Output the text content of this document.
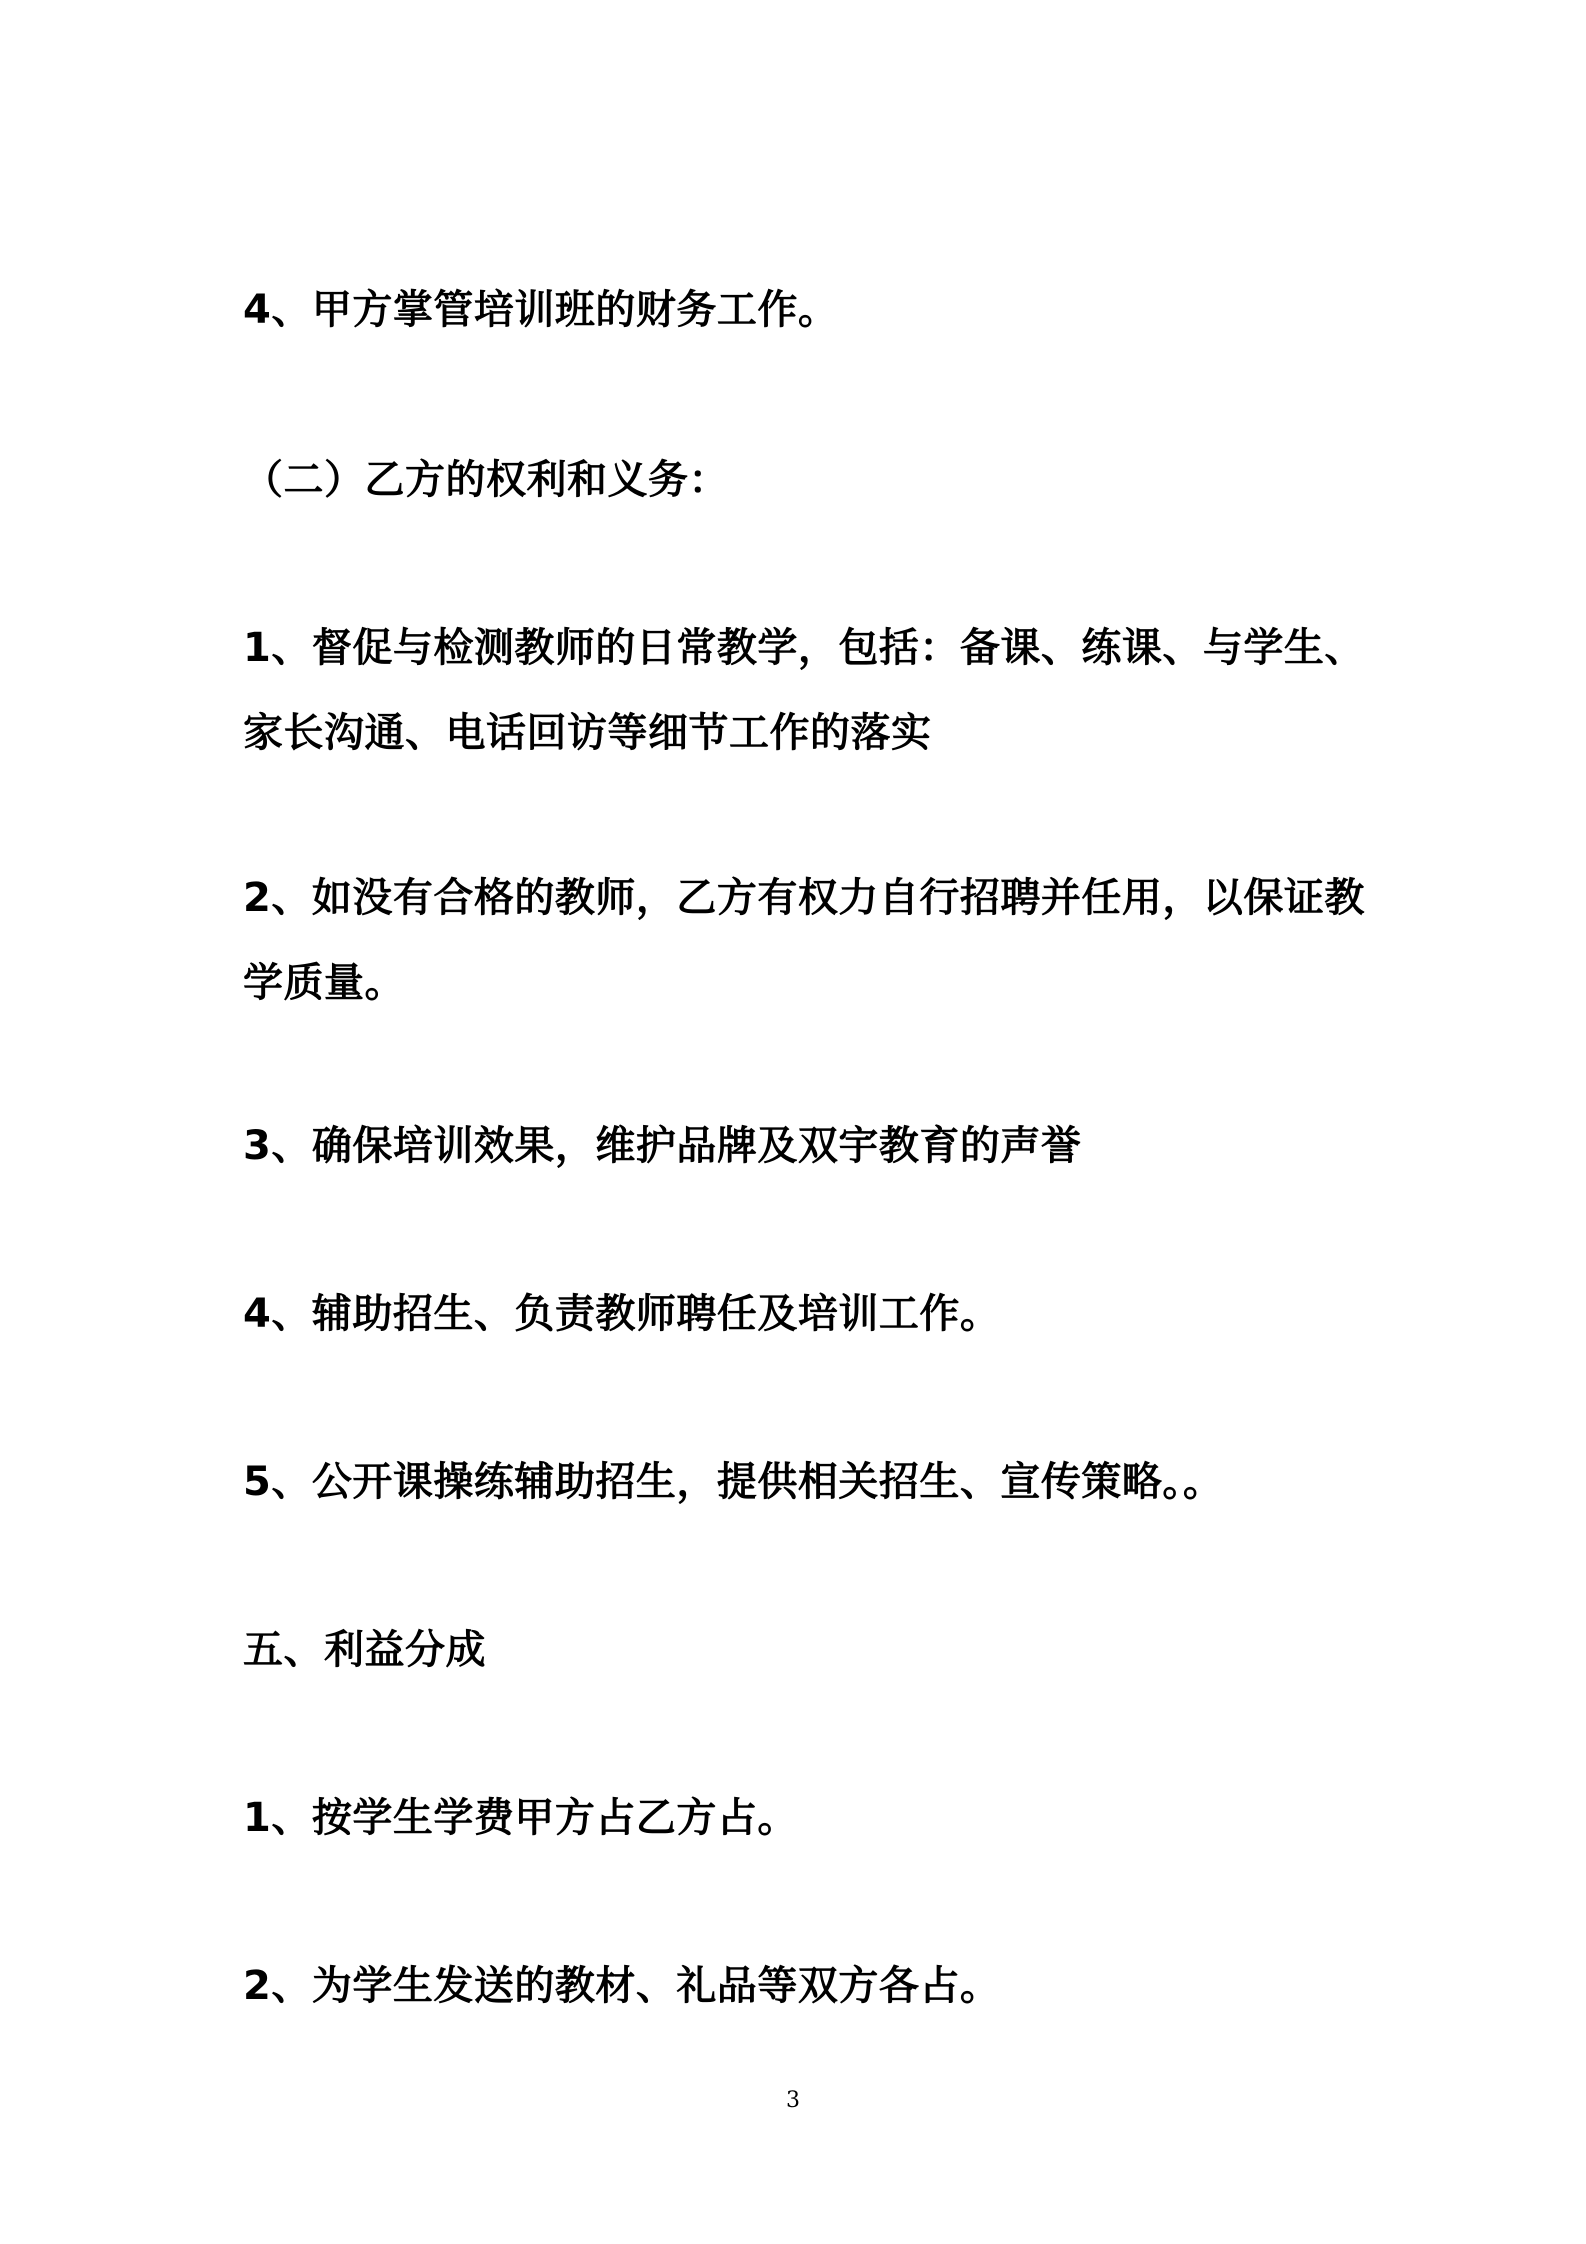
4、甲方掌管培训班的财务工作。

（二）乙方的权利和义务：

1、督促与检测教师的日常教学，包括：备课、练课、与学生、家长沟通、电话回访等细节工作的落实

2、如没有合格的教师，乙方有权力自行招聘并任用，以保证教学质量。

3、确保培训效果，维护品牌及双宇教育的声誉

4、辅助招生、负责教师聘任及培训工作。

5、公开课操练辅助招生，提供相关招生、宣传策略。。

五、利益分成

1、按学生学费甲方占乙方占。

2、为学生发送的教材、礼品等双方各占。

3
